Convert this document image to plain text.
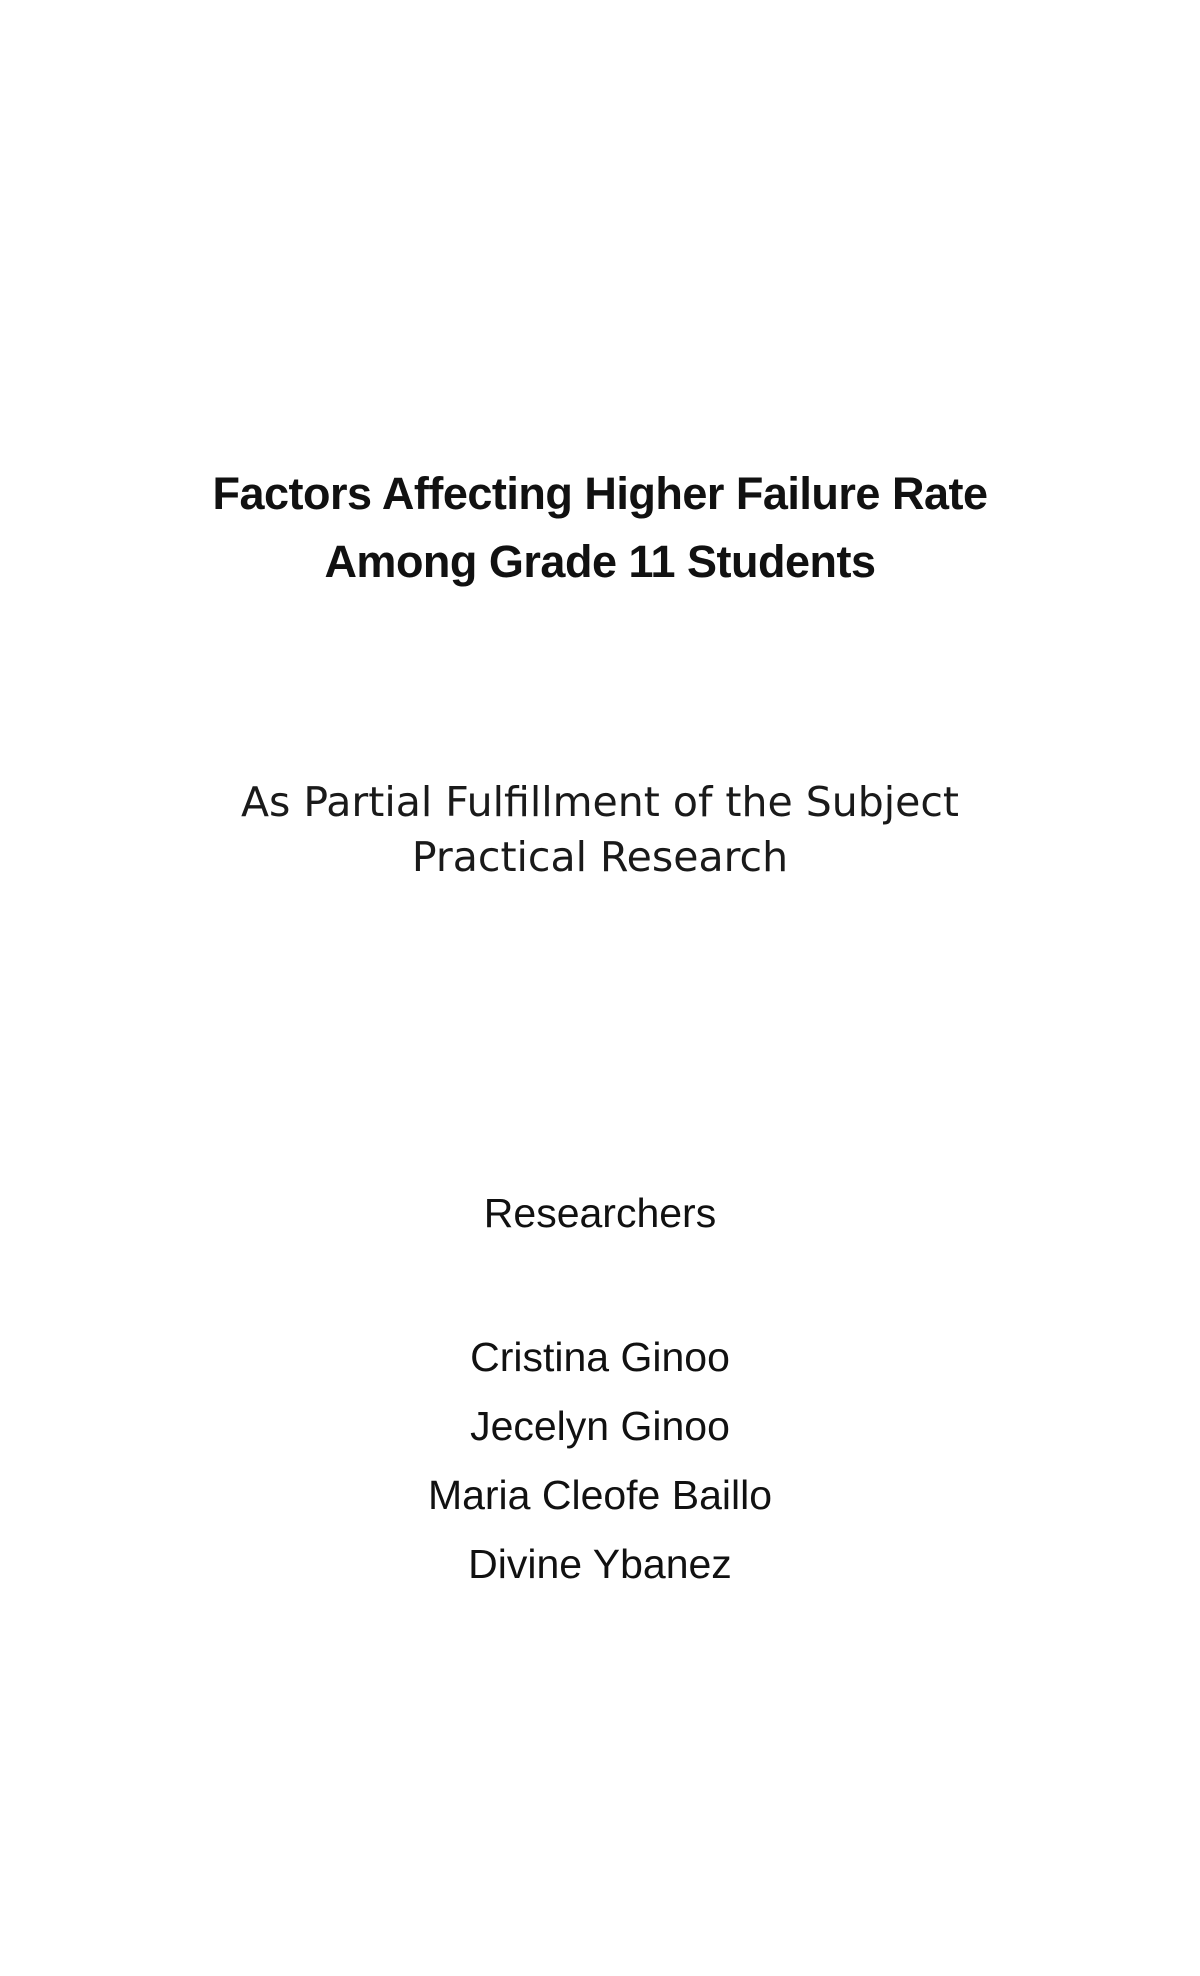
Factors Affecting Higher Failure Rate
Among Grade 11 Students
As Partial Fulfillment of the Subject
Practical Research
Researchers
Cristina Ginoo
Jecelyn Ginoo
Maria Cleofe Baillo
Divine Ybanez
